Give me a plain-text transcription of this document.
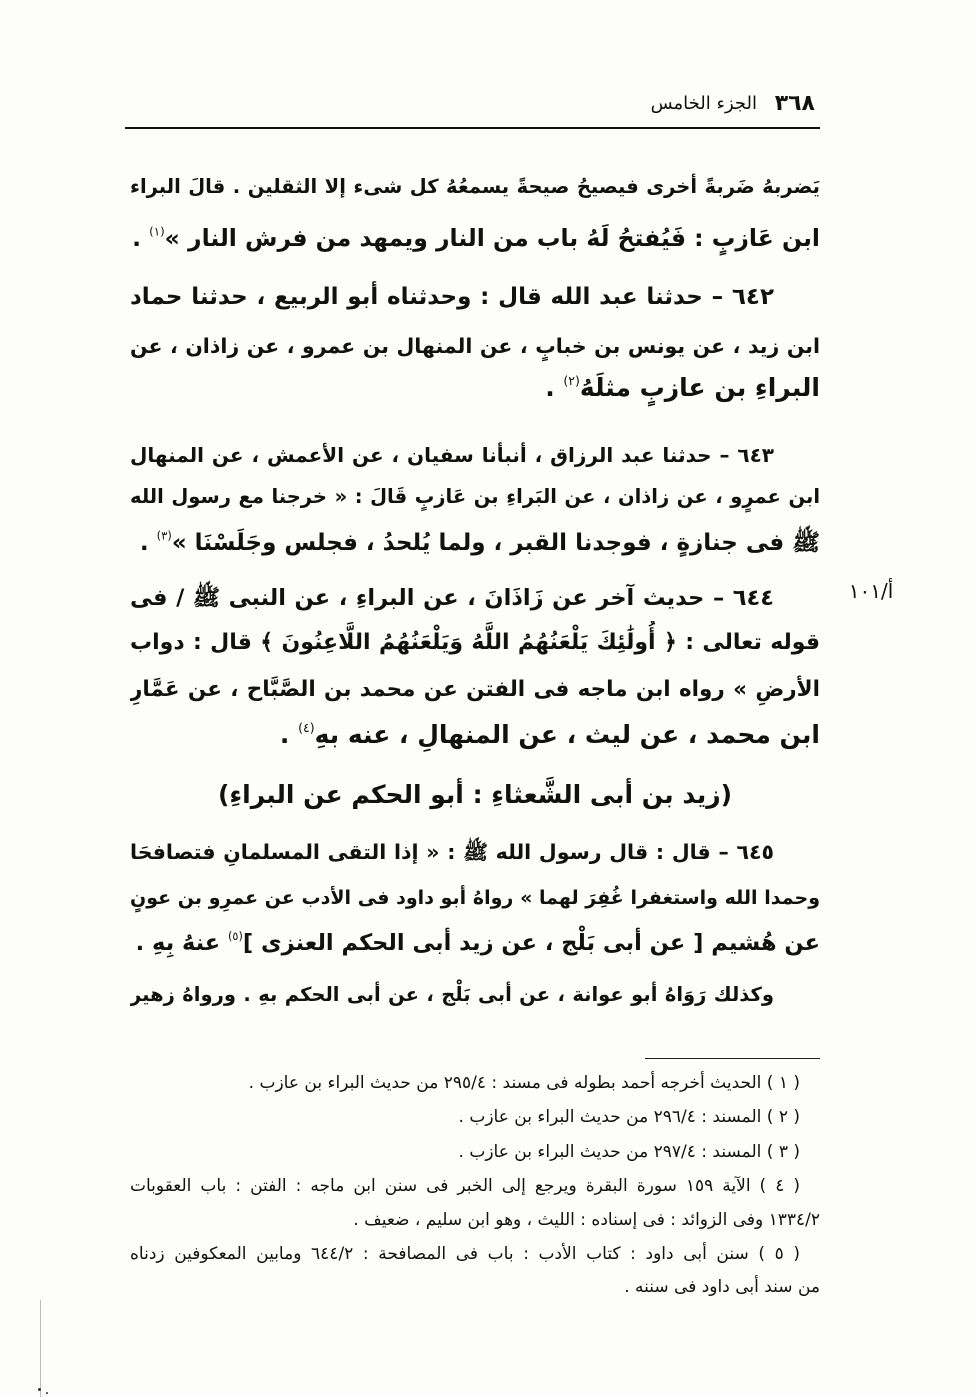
٣٦٨
الجزء الخامس
أ/١٠١
يَضربهُ ضَربةً أخرى فيصيحُ صيحةً يسمعُهُ كل شىء إلا الثقلين . قالَ البراء
ابن عَازبٍ : فَيُفتحُ لَهُ باب من النار ويمهد من فرش النار »$^{(١)}$ .
٦٤٢ – حدثنا عبد الله قال : وحدثناه أبو الربيع ، حدثنا حماد
ابن زيد ، عن يونس بن خبابٍ ، عن المنهال بن عمرو ، عن زاذان ، عن
البراءِ بن عازبٍ مثلَهُ$^{(٢)}$ .
٦٤٣ – حدثنا عبد الرزاق ، أنبأنا سفيان ، عن الأعمش ، عن المنهال
ابن عمرٍو ، عن زاذان ، عن البَراءِ بن عَازبٍ قَالَ : « خرجنا مع رسول الله
ﷺ فى جنازةٍ ، فوجدنا القبر ، ولما يُلحدُ ، فجلس وجَلَسْنَا »$^{(٣)}$ .
٦٤٤ – حديث آخر عن زَاذَانَ ، عن البراءِ ، عن النبى ﷺ / فى
قوله تعالى : ﴿ أُولَٰئِكَ يَلْعَنُهُمُ اللَّهُ وَيَلْعَنُهُمُ اللَّاعِنُونَ ﴾ قال : دواب
الأرضِ » رواه ابن ماجه فى الفتن عن محمد بن الصَّبَّاح ، عن عَمَّارِ
ابن محمد ، عن ليث ، عن المنهالِ ، عنه بهِ$^{(٤)}$ .
(زيد بن أبى الشَّعثاءِ : أبو الحكم عن البراءِ)
٦٤٥ – قال : قال رسول الله ﷺ : « إذا التقى المسلمانِ فتصافحَا
وحمدا الله واستغفرا غُفِرَ لهما » رواهُ أبو داود فى الأدب عن عمرِو بن عونٍ
عن هُشيم [ عن أبى بَلْج ، عن زيد أبى الحكم العنزى ]$^{(٥)}$ عنهُ بِهِ .
وكذلك رَوَاهُ أبو عوانة ، عن أبى بَلْج ، عن أبى الحكم بهِ . ورواهُ زهير
( ١ ) الحديث أخرجه أحمد بطوله فى مسند : ٢٩٥/٤ من حديث البراء بن عازب .
( ٢ ) المسند : ٢٩٦/٤ من حديث البراء بن عازب .
( ٣ ) المسند : ٢٩٧/٤ من حديث البراء بن عازب .
( ٤ ) الآية ١٥٩ سورة البقرة ويرجع إلى الخبر فى سنن ابن ماجه : الفتن : باب العقوبات
١٣٣٤/٢ وفى الزوائد : فى إسناده : الليث ، وهو ابن سليم ، ضعيف .
( ٥ ) سنن أبى داود : كتاب الأدب : باب فى المصافحة : ٦٤٤/٢ ومابين المعكوفين زدناه
من سند أبى داود فى سننه .
